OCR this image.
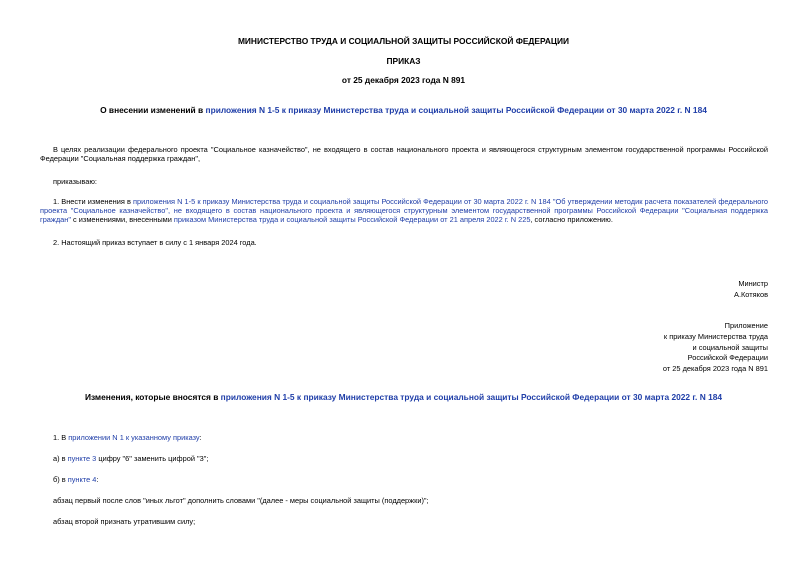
МИНИСТЕРСТВО ТРУДА И СОЦИАЛЬНОЙ ЗАЩИТЫ РОССИЙСКОЙ ФЕДЕРАЦИИ
ПРИКАЗ
от 25 декабря 2023 года N 891
О внесении изменений в приложения N 1-5 к приказу Министерства труда и социальной защиты Российской Федерации от 30 марта 2022 г. N 184
В целях реализации федерального проекта "Социальное казначейство", не входящего в состав национального проекта и являющегося структурным элементом государственной программы Российской Федерации "Социальная поддержка граждан",
приказываю:
1. Внести изменения в приложения N 1-5 к приказу Министерства труда и социальной защиты Российской Федерации от 30 марта 2022 г. N 184 "Об утверждении методик расчета показателей федерального проекта "Социальное казначейство", не входящего в состав национального проекта и являющегося структурным элементом государственной программы Российской Федерации "Социальная поддержка граждан" с изменениями, внесенными приказом Министерства труда и социальной защиты Российской Федерации от 21 апреля 2022 г. N 225, согласно приложению.
2. Настоящий приказ вступает в силу с 1 января 2024 года.
Министр
А.Котяков
Приложение
к приказу Министерства труда
и социальной защиты
Российской Федерации
от 25 декабря 2023 года N 891
Изменения, которые вносятся в приложения N 1-5 к приказу Министерства труда и социальной защиты Российской Федерации от 30 марта 2022 г. N 184
1. В приложении N 1 к указанному приказу:
а) в пункте 3 цифру "6" заменить цифрой "3";
б) в пункте 4:
абзац первый после слов "иных льгот" дополнить словами "(далее - меры социальной защиты (поддержки)";
абзац второй признать утратившим силу;
